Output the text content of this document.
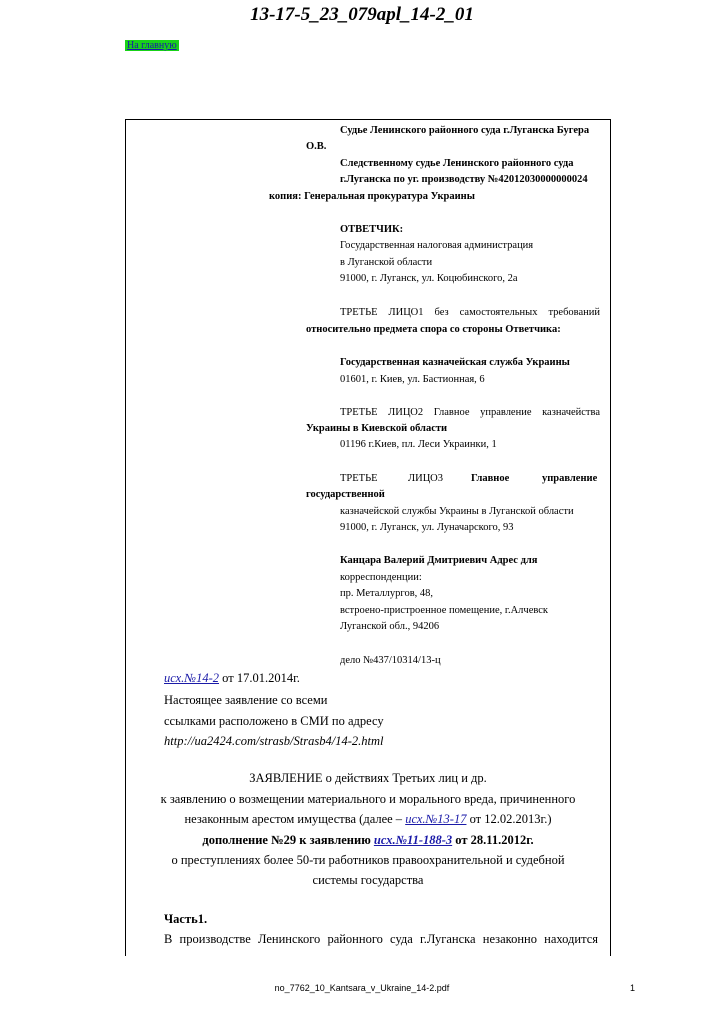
13-17-5_23_079apl_14-2_01
На главную
Судье Ленинского районного суда г.Луганска Бугера
О.В.
Следственному судье Ленинского районного суда
г.Луганска по уг. производству №42012030000000024
копия: Генеральная прокуратура Украины
ОТВЕТЧИК:
Государственная налоговая администрация
в Луганской области
91000, г. Луганск, ул. Коцюбинского, 2а
ТРЕТЬЕ ЛИЦО1 без самостоятельных требований
относительно предмета спора со стороны Ответчика:
Государственная казначейская служба Украины
01601, г. Киев, ул. Бастионная, 6
ТРЕТЬЕ ЛИЦО2 Главное управление казначейства
Украины в Киевской области
01196 г.Киев, пл. Леси Украинки, 1
ТРЕТЬЕ	ЛИЦО3	Главное	управление
государственной
казначейской службы Украины в Луганской области
91000, г. Луганск, ул. Луначарского, 93
Канцара Валерий Дмитриевич Адрес для
корреспонденции:
пр. Металлургов, 48,
встроено-пристроенное помещение, г.Алчевск
Луганской обл., 94206
дело №437/10314/13-ц
исх.№14-2 от 17.01.2014г.
Настоящее заявление со всеми
ссылками расположено в СМИ по адресу
http://ua2424.com/strasb/Strasb4/14-2.html
ЗАЯВЛЕНИЕ о действиях Третьих лиц и др.
к заявлению о возмещении материального и морального вреда, причиненного
незаконным арестом имущества (далее – исх.№13-17 от 12.02.2013г.)
дополнение №29 к заявлению исх.№11-188-3 от 28.11.2012г.
о преступлениях более 50-ти работников правоохранительной и судебной
системы государства
Часть1.
В производстве Ленинского районного суда г.Луганска незаконно находится
no_7762_10_Kantsara_v_Ukraine_14-2.pdf	1
